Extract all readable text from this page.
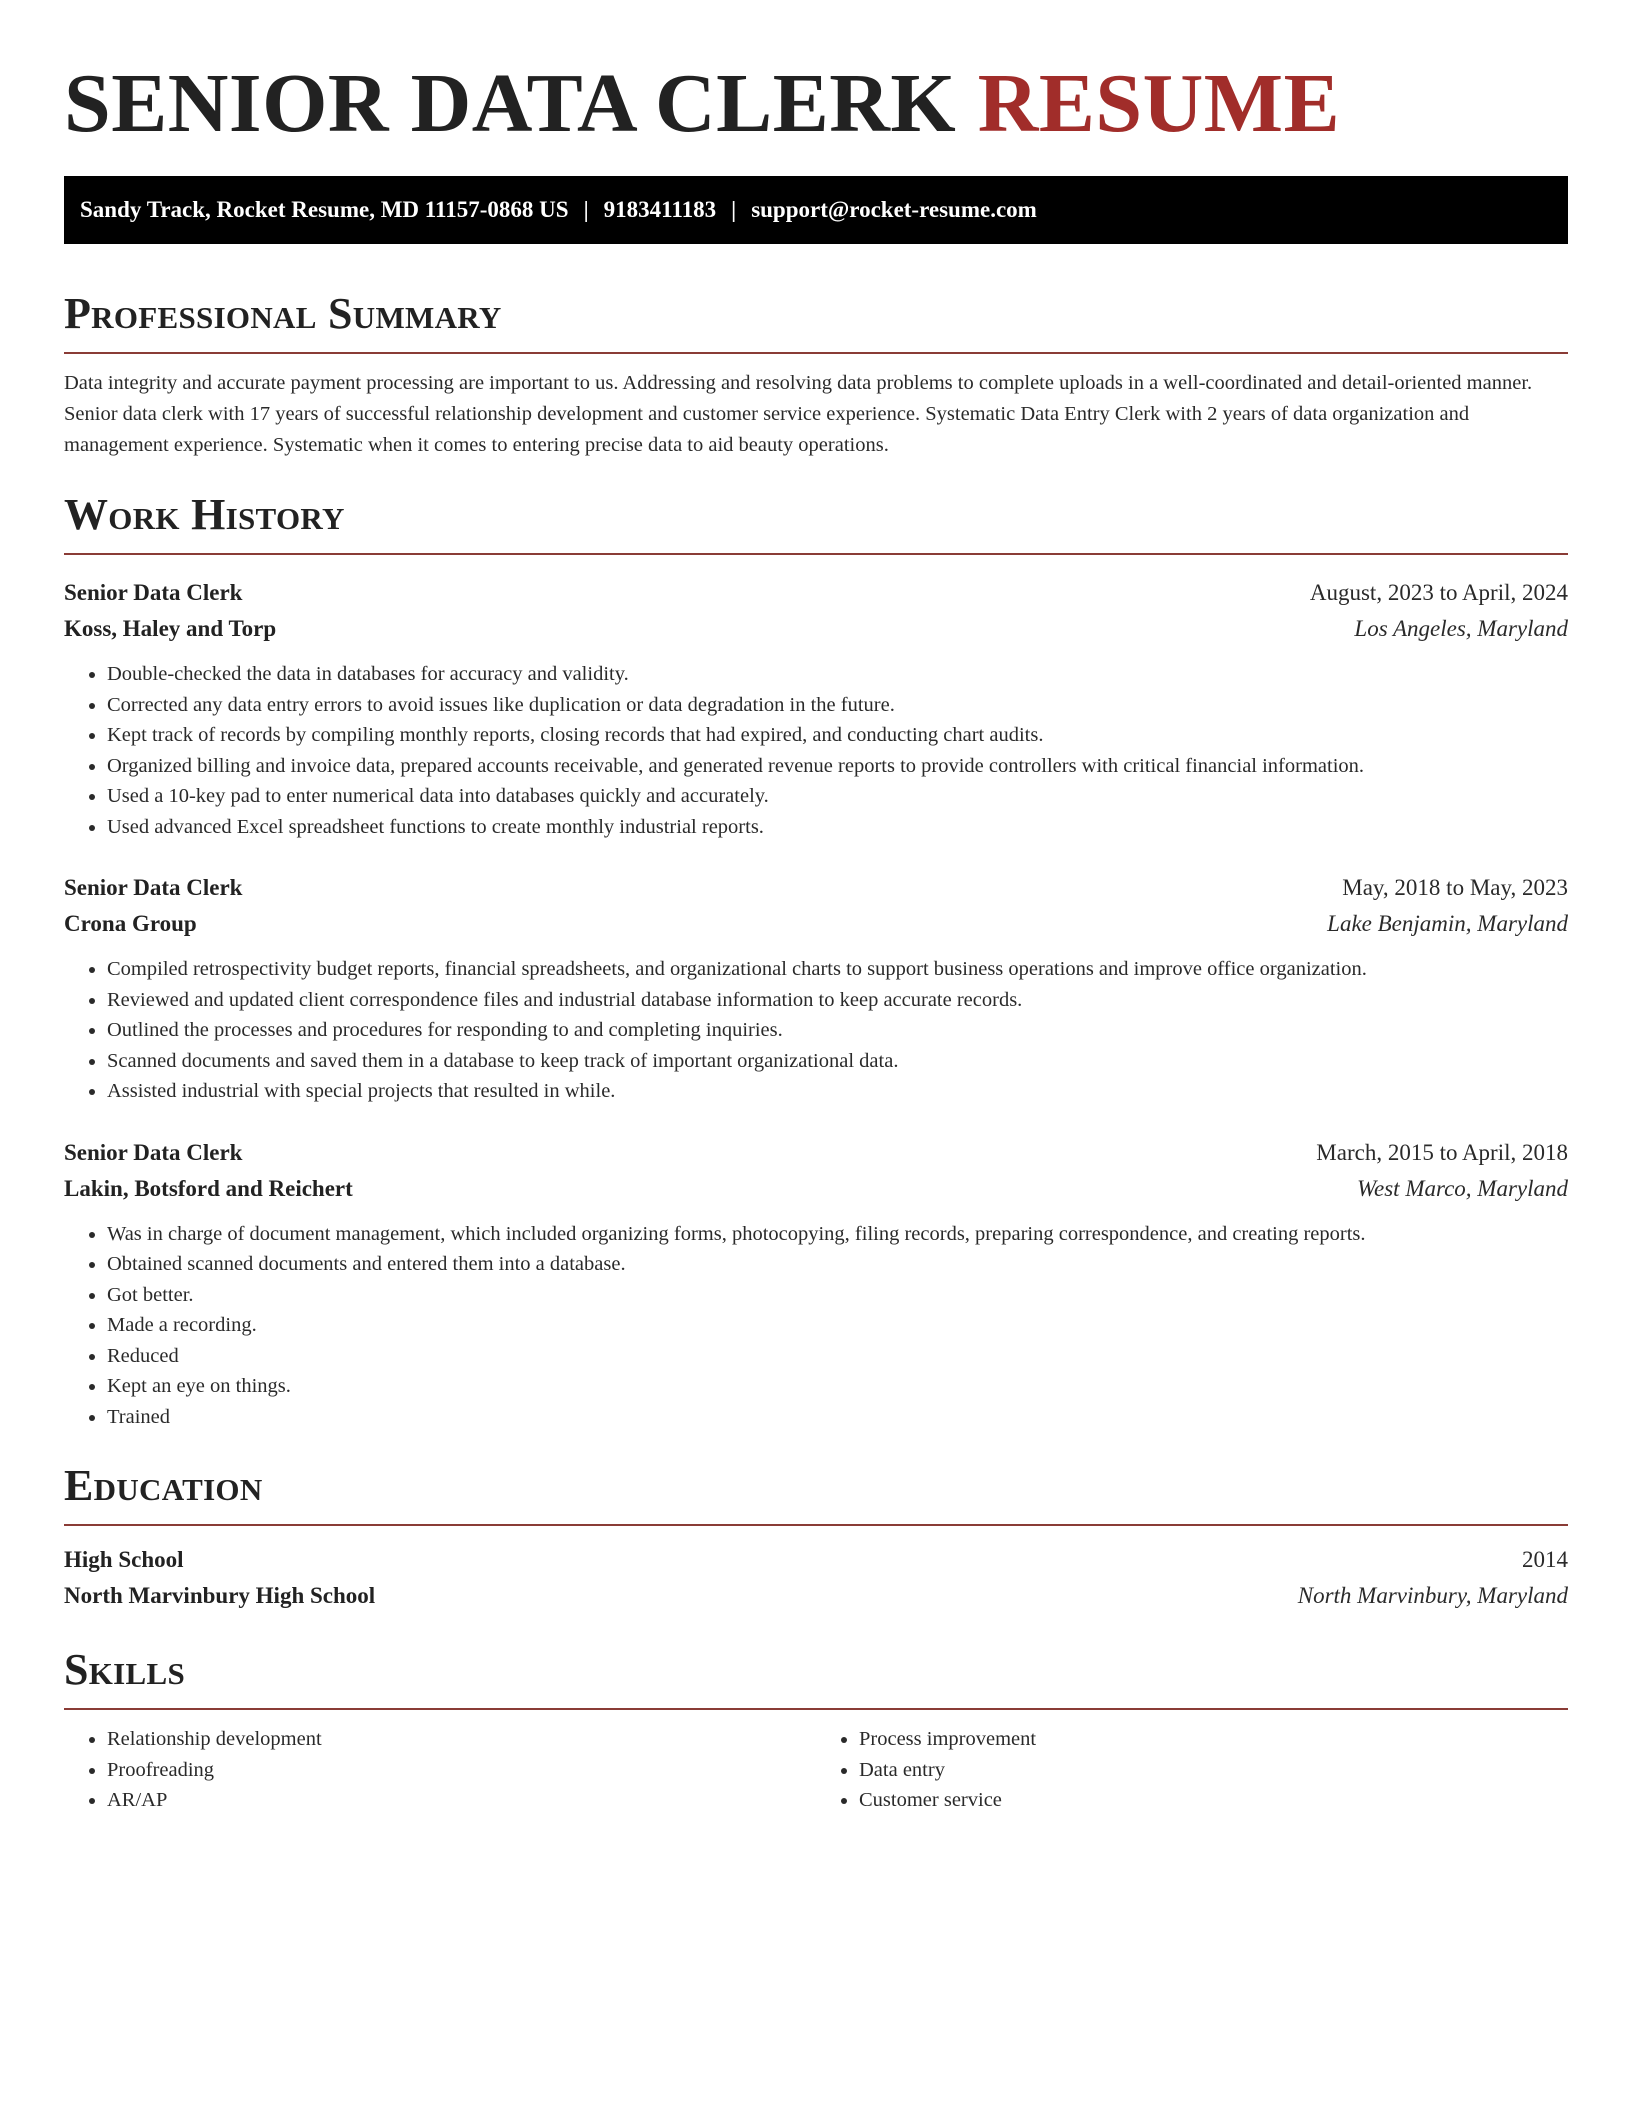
SENIOR DATA CLERK RESUME
Sandy Track, Rocket Resume, MD 11157-0868 US | 9183411183 | support@rocket-resume.com
Professional Summary

Data integrity and accurate payment processing are important to us. Addressing and resolving data problems to complete uploads in a well-coordinated and detail-oriented manner. Senior data clerk with 17 years of successful relationship development and customer service experience. Systematic Data Entry Clerk with 2 years of data organization and management experience. Systematic when it comes to entering precise data to aid beauty operations.

Work History
Senior Data Clerk	August, 2023 to April, 2024
Koss, Haley and Torp	Los Angeles, Maryland
• Double-checked the data in databases for accuracy and validity.
• Corrected any data entry errors to avoid issues like duplication or data degradation in the future.
• Kept track of records by compiling monthly reports, closing records that had expired, and conducting chart audits.
• Organized billing and invoice data, prepared accounts receivable, and generated revenue reports to provide controllers with critical financial information.
• Used a 10-key pad to enter numerical data into databases quickly and accurately.
• Used advanced Excel spreadsheet functions to create monthly industrial reports.
Senior Data Clerk	May, 2018 to May, 2023
Crona Group	Lake Benjamin, Maryland
• Compiled retrospectivity budget reports, financial spreadsheets, and organizational charts to support business operations and improve office organization.
• Reviewed and updated client correspondence files and industrial database information to keep accurate records.
• Outlined the processes and procedures for responding to and completing inquiries.
• Scanned documents and saved them in a database to keep track of important organizational data.
• Assisted industrial with special projects that resulted in while.
Senior Data Clerk	March, 2015 to April, 2018
Lakin, Botsford and Reichert	West Marco, Maryland
• Was in charge of document management, which included organizing forms, photocopying, filing records, preparing correspondence, and creating reports.
• Obtained scanned documents and entered them into a database.
• Got better.
• Made a recording.
• Reduced
• Kept an eye on things.
• Trained
Education
High School	2014
North Marvinbury High School	North Marvinbury, Maryland
Skills
• Relationship development
• Proofreading
• AR/AP
• Process improvement
• Data entry
• Customer service
